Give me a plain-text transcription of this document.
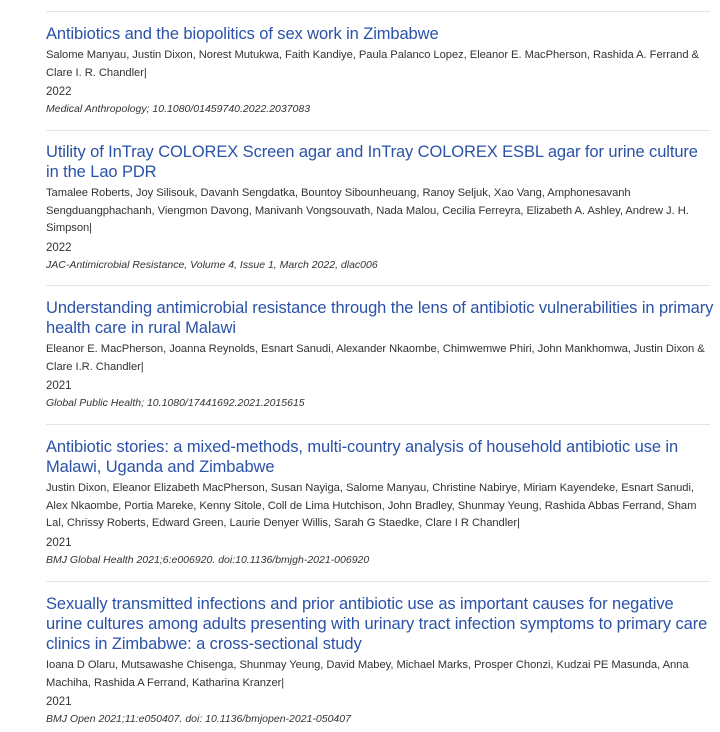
Antibiotics and the biopolitics of sex work in Zimbabwe
Salome Manyau, Justin Dixon, Norest Mutukwa, Faith Kandiye, Paula Palanco Lopez, Eleanor E. MacPherson, Rashida A. Ferrand & Clare I. R. Chandler|
2022
Medical Anthropology; 10.1080/01459740.2022.2037083
Utility of InTray COLOREX Screen agar and InTray COLOREX ESBL agar for urine culture in the Lao PDR
Tamalee Roberts, Joy Silisouk, Davanh Sengdatka, Bountoy Sibounheuang, Ranoy Seljuk, Xao Vang, Amphonesavanh Sengduangphachanh, Viengmon Davong, Manivanh Vongsouvath, Nada Malou, Cecilia Ferreyra, Elizabeth A. Ashley, Andrew J. H. Simpson|
2022
JAC-Antimicrobial Resistance, Volume 4, Issue 1, March 2022, dlac006
Understanding antimicrobial resistance through the lens of antibiotic vulnerabilities in primary health care in rural Malawi
Eleanor E. MacPherson, Joanna Reynolds, Esnart Sanudi, Alexander Nkaombe, Chimwemwe Phiri, John Mankhomwa, Justin Dixon & Clare I.R. Chandler|
2021
Global Public Health; 10.1080/17441692.2021.2015615
Antibiotic stories: a mixed-methods, multi-country analysis of household antibiotic use in Malawi, Uganda and Zimbabwe
Justin Dixon, Eleanor Elizabeth MacPherson, Susan Nayiga, Salome Manyau, Christine Nabirye, Miriam Kayendeke, Esnart Sanudi, Alex Nkaombe, Portia Mareke, Kenny Sitole, Coll de Lima Hutchison, John Bradley, Shunmay Yeung, Rashida Abbas Ferrand, Sham Lal, Chrissy Roberts, Edward Green, Laurie Denyer Willis, Sarah G Staedke, Clare I R Chandler|
2021
BMJ Global Health 2021;6:e006920. doi:10.1136/bmjgh-2021-006920
Sexually transmitted infections and prior antibiotic use as important causes for negative urine cultures among adults presenting with urinary tract infection symptoms to primary care clinics in Zimbabwe: a cross-sectional study
Ioana D Olaru, Mutsawashe Chisenga, Shunmay Yeung, David Mabey, Michael Marks, Prosper Chonzi, Kudzai PE Masunda, Anna Machiha, Rashida A Ferrand, Katharina Kranzer|
2021
BMJ Open 2021;11:e050407. doi: 10.1136/bmjopen-2021-050407
